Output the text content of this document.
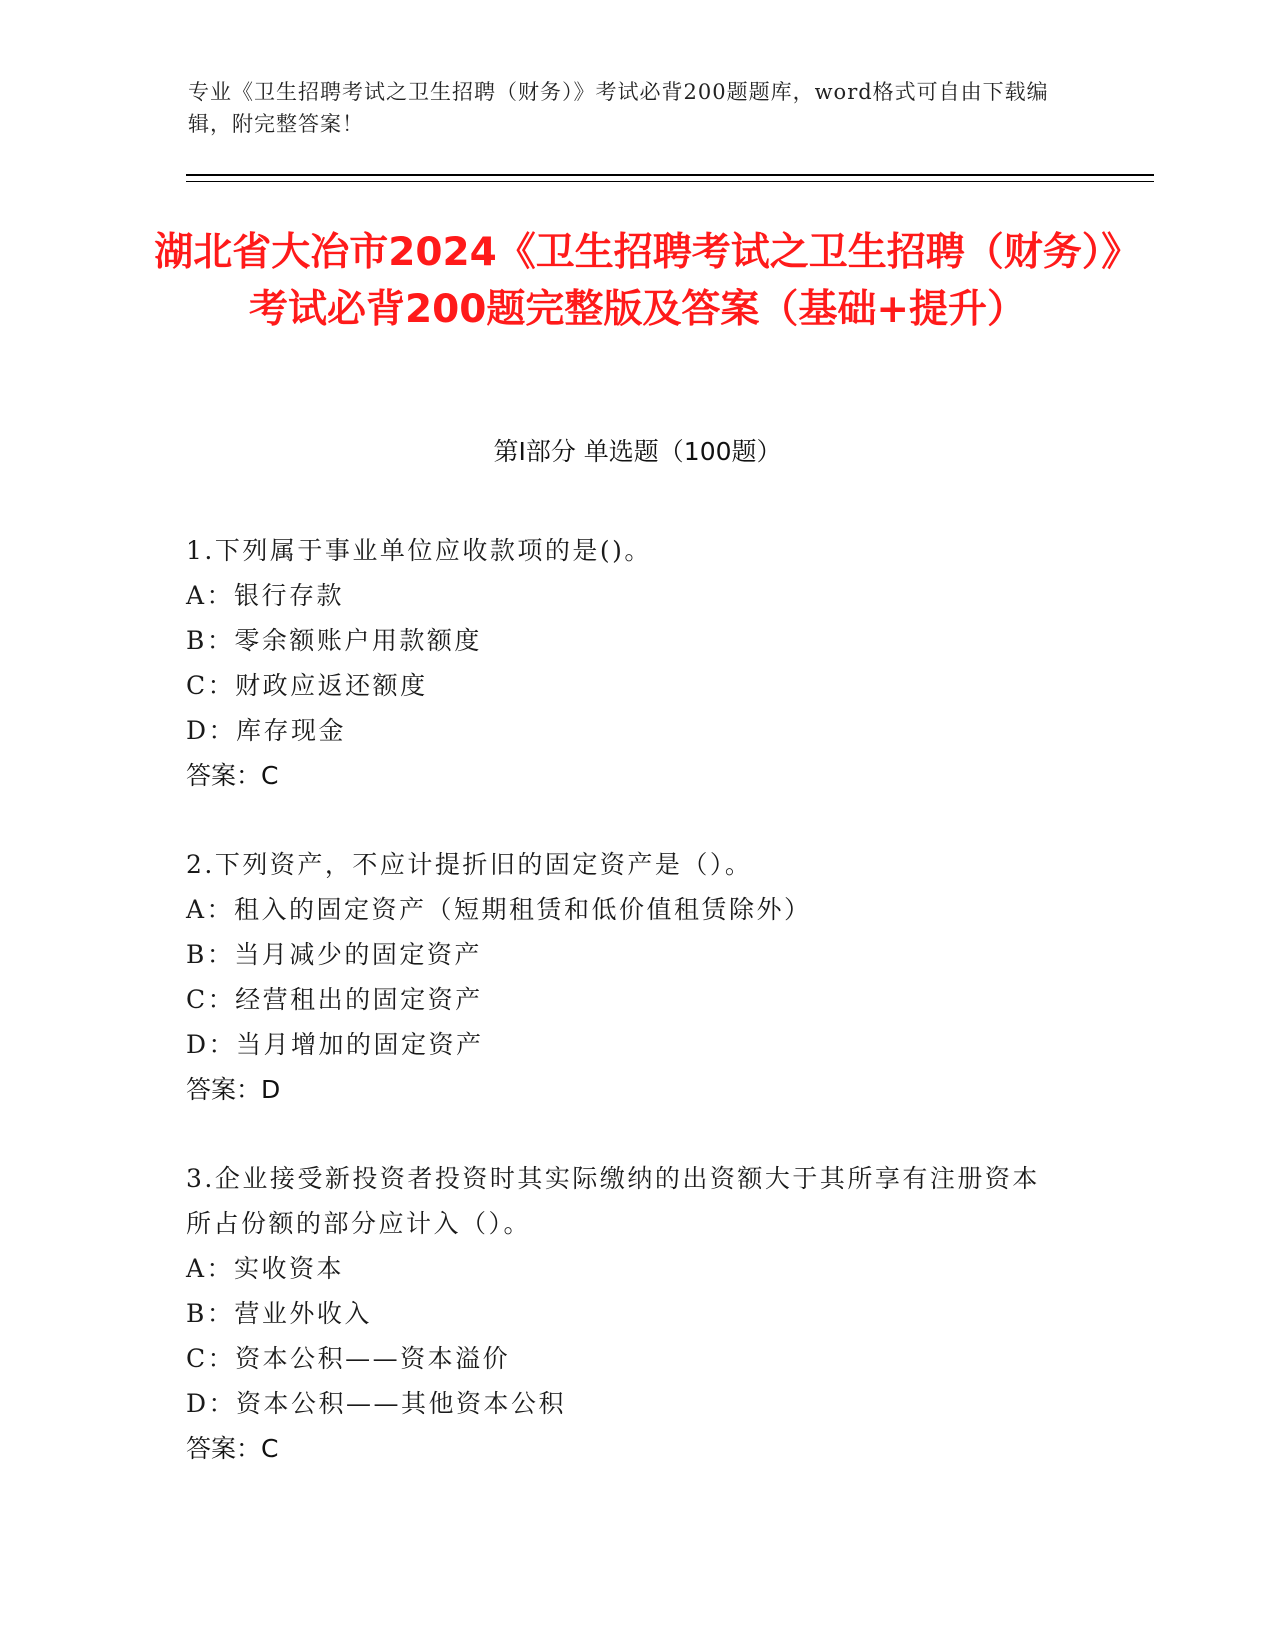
专业《卫生招聘考试之卫生招聘（财务）》考试必背200题题库，word格式可自由下载编辑，附完整答案！
湖北省大冶市2024《卫生招聘考试之卫生招聘（财务）》考试必背200题完整版及答案（基础+提升）
第I部分 单选题（100题）
1.下列属于事业单位应收款项的是()。
A：银行存款
B：零余额账户用款额度
C：财政应返还额度
D：库存现金
答案：C
2.下列资产，不应计提折旧的固定资产是（）。
A：租入的固定资产（短期租赁和低价值租赁除外）
B：当月减少的固定资产
C：经营租出的固定资产
D：当月增加的固定资产
答案：D
3.企业接受新投资者投资时其实际缴纳的出资额大于其所享有注册资本所占份额的部分应计入（）。
A：实收资本
B：营业外收入
C：资本公积——资本溢价
D：资本公积——其他资本公积
答案：C
